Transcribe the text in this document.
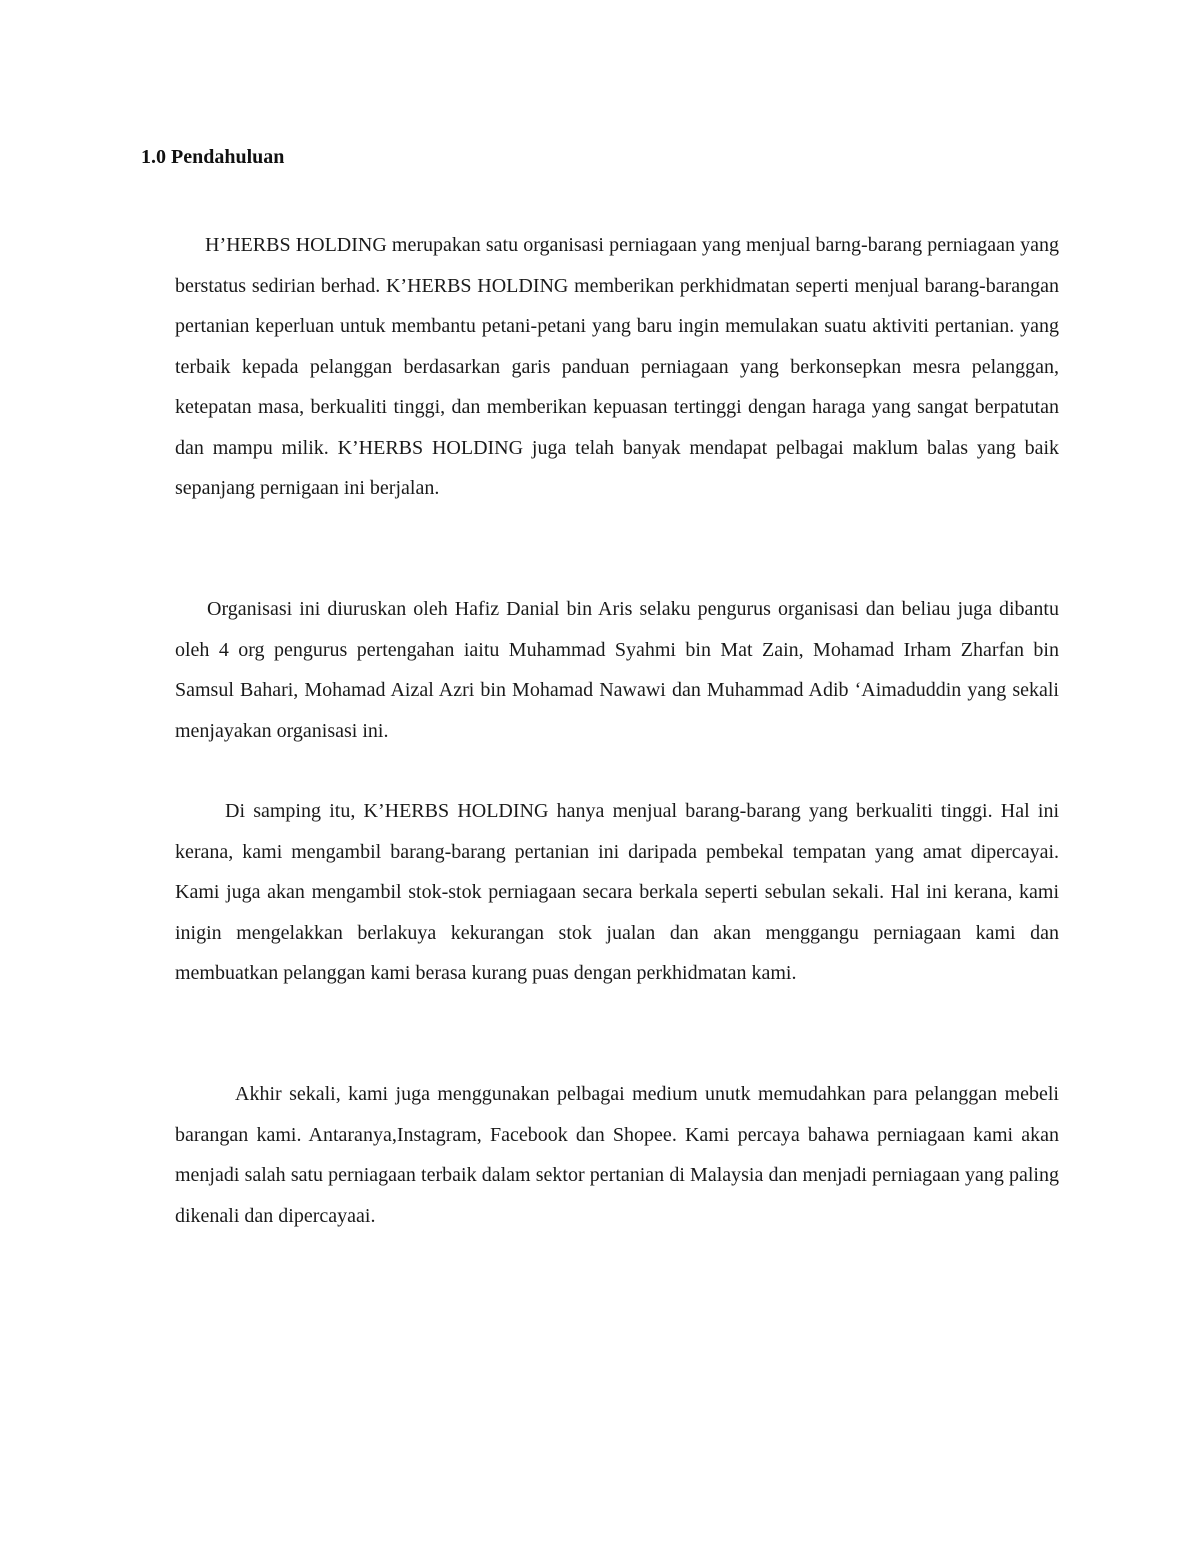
1.0 Pendahuluan

H’HERBS HOLDING merupakan satu organisasi perniagaan yang menjual barng-barang perniagaan yang berstatus sedirian berhad. K’HERBS HOLDING memberikan perkhidmatan seperti menjual barang-barangan pertanian keperluan untuk membantu petani-petani yang baru ingin memulakan suatu aktiviti pertanian. yang terbaik kepada pelanggan berdasarkan garis panduan perniagaan yang berkonsepkan mesra pelanggan, ketepatan masa, berkualiti tinggi, dan memberikan kepuasan tertinggi dengan haraga yang sangat berpatutan dan mampu milik. K’HERBS HOLDING juga telah banyak mendapat pelbagai maklum balas yang baik sepanjang pernigaan ini berjalan.

Organisasi ini diuruskan oleh Hafiz Danial bin Aris selaku pengurus organisasi dan beliau juga dibantu oleh 4 org pengurus pertengahan iaitu Muhammad Syahmi bin Mat Zain, Mohamad Irham Zharfan bin Samsul Bahari, Mohamad Aizal Azri bin Mohamad Nawawi dan Muhammad Adib ‘Aimaduddin yang sekali menjayakan organisasi ini.

Di samping itu, K’HERBS HOLDING hanya menjual barang-barang yang berkualiti tinggi. Hal ini kerana, kami mengambil barang-barang pertanian ini daripada pembekal tempatan yang amat dipercayai. Kami juga akan mengambil stok-stok perniagaan secara berkala seperti sebulan sekali. Hal ini kerana, kami inigin mengelakkan berlakuya kekurangan stok jualan dan akan menggangu perniagaan kami dan membuatkan pelanggan kami berasa kurang puas dengan perkhidmatan kami.

Akhir sekali, kami juga menggunakan pelbagai medium unutk memudahkan para pelanggan mebeli barangan kami. Antaranya,Instagram, Facebook dan Shopee. Kami percaya bahawa perniagaan kami akan menjadi salah satu perniagaan terbaik dalam sektor pertanian di Malaysia dan menjadi perniagaan yang paling dikenali dan dipercayaai.
